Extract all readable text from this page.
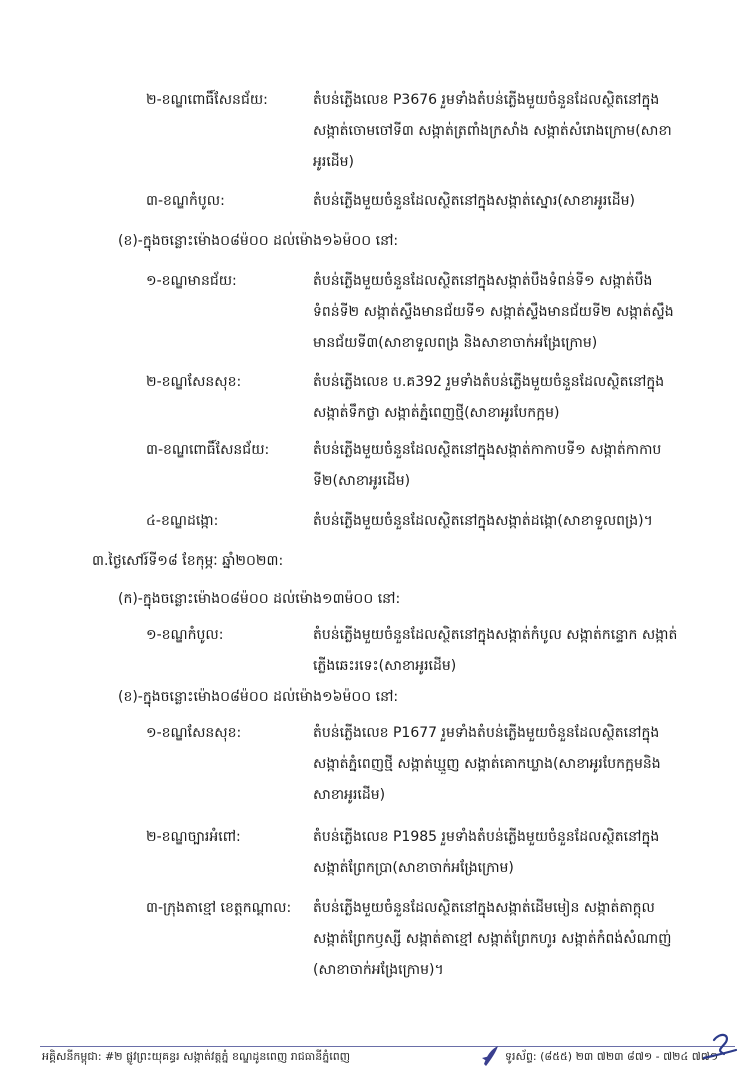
២-ខណ្ឌពោធិ៍សែនជ័យ:	តំបន់ភ្លើងលេខ P3676 រួមទាំងតំបន់ភ្លើងមួយចំនួនដែលស្ថិតនៅក្នុង
សង្កាត់ចោមចៅទី៣ សង្កាត់ត្រពាំងក្រសាំង សង្កាត់សំរោងក្រោម(សាខា
អូរដើម)
៣-ខណ្ឌកំបូល:	តំបន់ភ្លើងមួយចំនួនដែលស្ថិតនៅក្នុងសង្កាត់ស្នោរ(សាខាអូរដើម)
(ខ)-ក្នុងចន្លោះម៉ោង០៨ម៉០០ ដល់ម៉ោង១៦ម៉០០ នៅ:
១-ខណ្ឌមានជ័យ:	តំបន់ភ្លើងមួយចំនួនដែលស្ថិតនៅក្នុងសង្កាត់បឹងទំពន់ទី១ សង្កាត់បឹង
ទំពន់ទី២ សង្កាត់ស្ទឹងមានជ័យទី១ សង្កាត់ស្ទឹងមានជ័យទី២ សង្កាត់ស្ទឹង
មានជ័យទី៣(សាខាទួលពង្រ និងសាខាចាក់អង្រែក្រោម)
២-ខណ្ឌសែនសុខ:	តំបន់ភ្លើងលេខ ប.គ392 រួមទាំងតំបន់ភ្លើងមួយចំនួនដែលស្ថិតនៅក្នុង
សង្កាត់ទឹកថ្លា សង្កាត់ភ្នំពេញថ្មី(សាខាអូរបែកក្អម)
៣-ខណ្ឌពោធិ៍សែនជ័យ:	តំបន់ភ្លើងមួយចំនួនដែលស្ថិតនៅក្នុងសង្កាត់កាកាបទី១ សង្កាត់កាកាប
ទី២(សាខាអូរដើម)
៤-ខណ្ឌដង្កោ:	តំបន់ភ្លើងមួយចំនួនដែលស្ថិតនៅក្នុងសង្កាត់ដង្កោ(សាខាទួលពង្រ)។
៣.ថ្ងៃសៅរ៍ទី១៨ ខែកុម្ភៈ ឆ្នាំ២០២៣:
(ក)-ក្នុងចន្លោះម៉ោង០៨ម៉០០ ដល់ម៉ោង១៣ម៉០០ នៅ:
១-ខណ្ឌកំបូល:	តំបន់ភ្លើងមួយចំនួនដែលស្ថិតនៅក្នុងសង្កាត់កំបូល សង្កាត់កន្ទោក សង្កាត់
ភ្លើងឆេះរទេះ(សាខាអូរដើម)
(ខ)-ក្នុងចន្លោះម៉ោង០៨ម៉០០ ដល់ម៉ោង១៦ម៉០០ នៅ:
១-ខណ្ឌសែនសុខ:	តំបន់ភ្លើងលេខ P1677 រួមទាំងតំបន់ភ្លើងមួយចំនួនដែលស្ថិតនៅក្នុង
សង្កាត់ភ្នំពេញថ្មី សង្កាត់ឃ្មួញ សង្កាត់គោកឃ្លាង(សាខាអូរបែកក្អមនិង
សាខាអូរដើម)
២-ខណ្ឌច្បារអំពៅ:	តំបន់ភ្លើងលេខ P1985 រួមទាំងតំបន់ភ្លើងមួយចំនួនដែលស្ថិតនៅក្នុង
សង្កាត់ព្រែកប្រា(សាខាចាក់អង្រែក្រោម)
៣-ក្រុងតាខ្មៅ ខេត្តកណ្តាល: តំបន់ភ្លើងមួយចំនួនដែលស្ថិតនៅក្នុងសង្កាត់ដើមមៀន សង្កាត់តាក្តុល
សង្កាត់ព្រែកឫស្សី សង្កាត់តាខ្មៅ សង្កាត់ព្រែកហូរ សង្កាត់កំពង់សំណាញ់
(សាខាចាក់អង្រែក្រោម)។
អគ្គិសនីកម្ពុជា: #២ ផ្លូវព្រះយុគន្ធរ សង្កាត់វត្តភ្នំ ខណ្ឌដូនពេញ រាជធានីភ្នំពេញ	ទូរស័ព្ទ: (៨៥៥) ២៣ ៧២៣ ៨៧១ - ៧២៤ ៧៧១
